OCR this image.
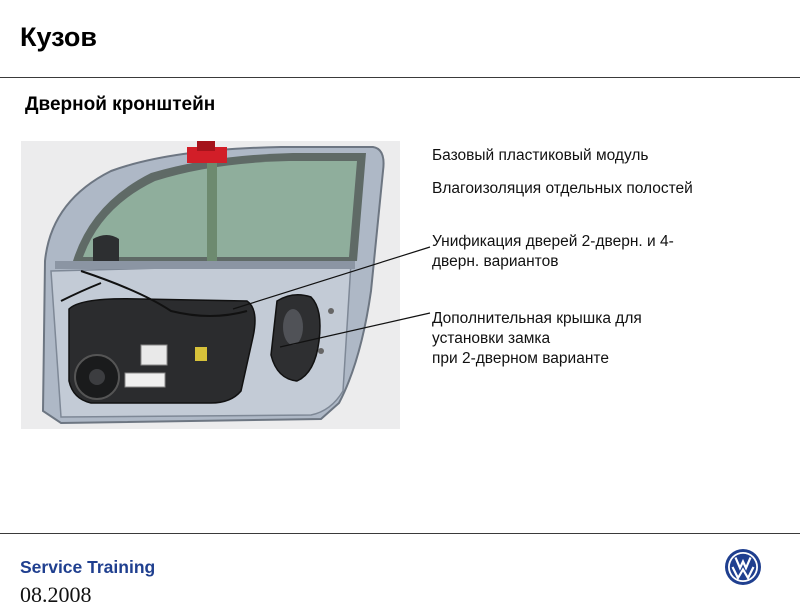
Кузов
Дверной кронштейн
Базовый пластиковый модуль
Влагоизоляция отдельных полостей
Унификация дверей 2-дверн. и 4-
дверн. вариантов
Дополнительная крышка для
установки замка
при 2-дверном варианте
Service Training
08.2008
